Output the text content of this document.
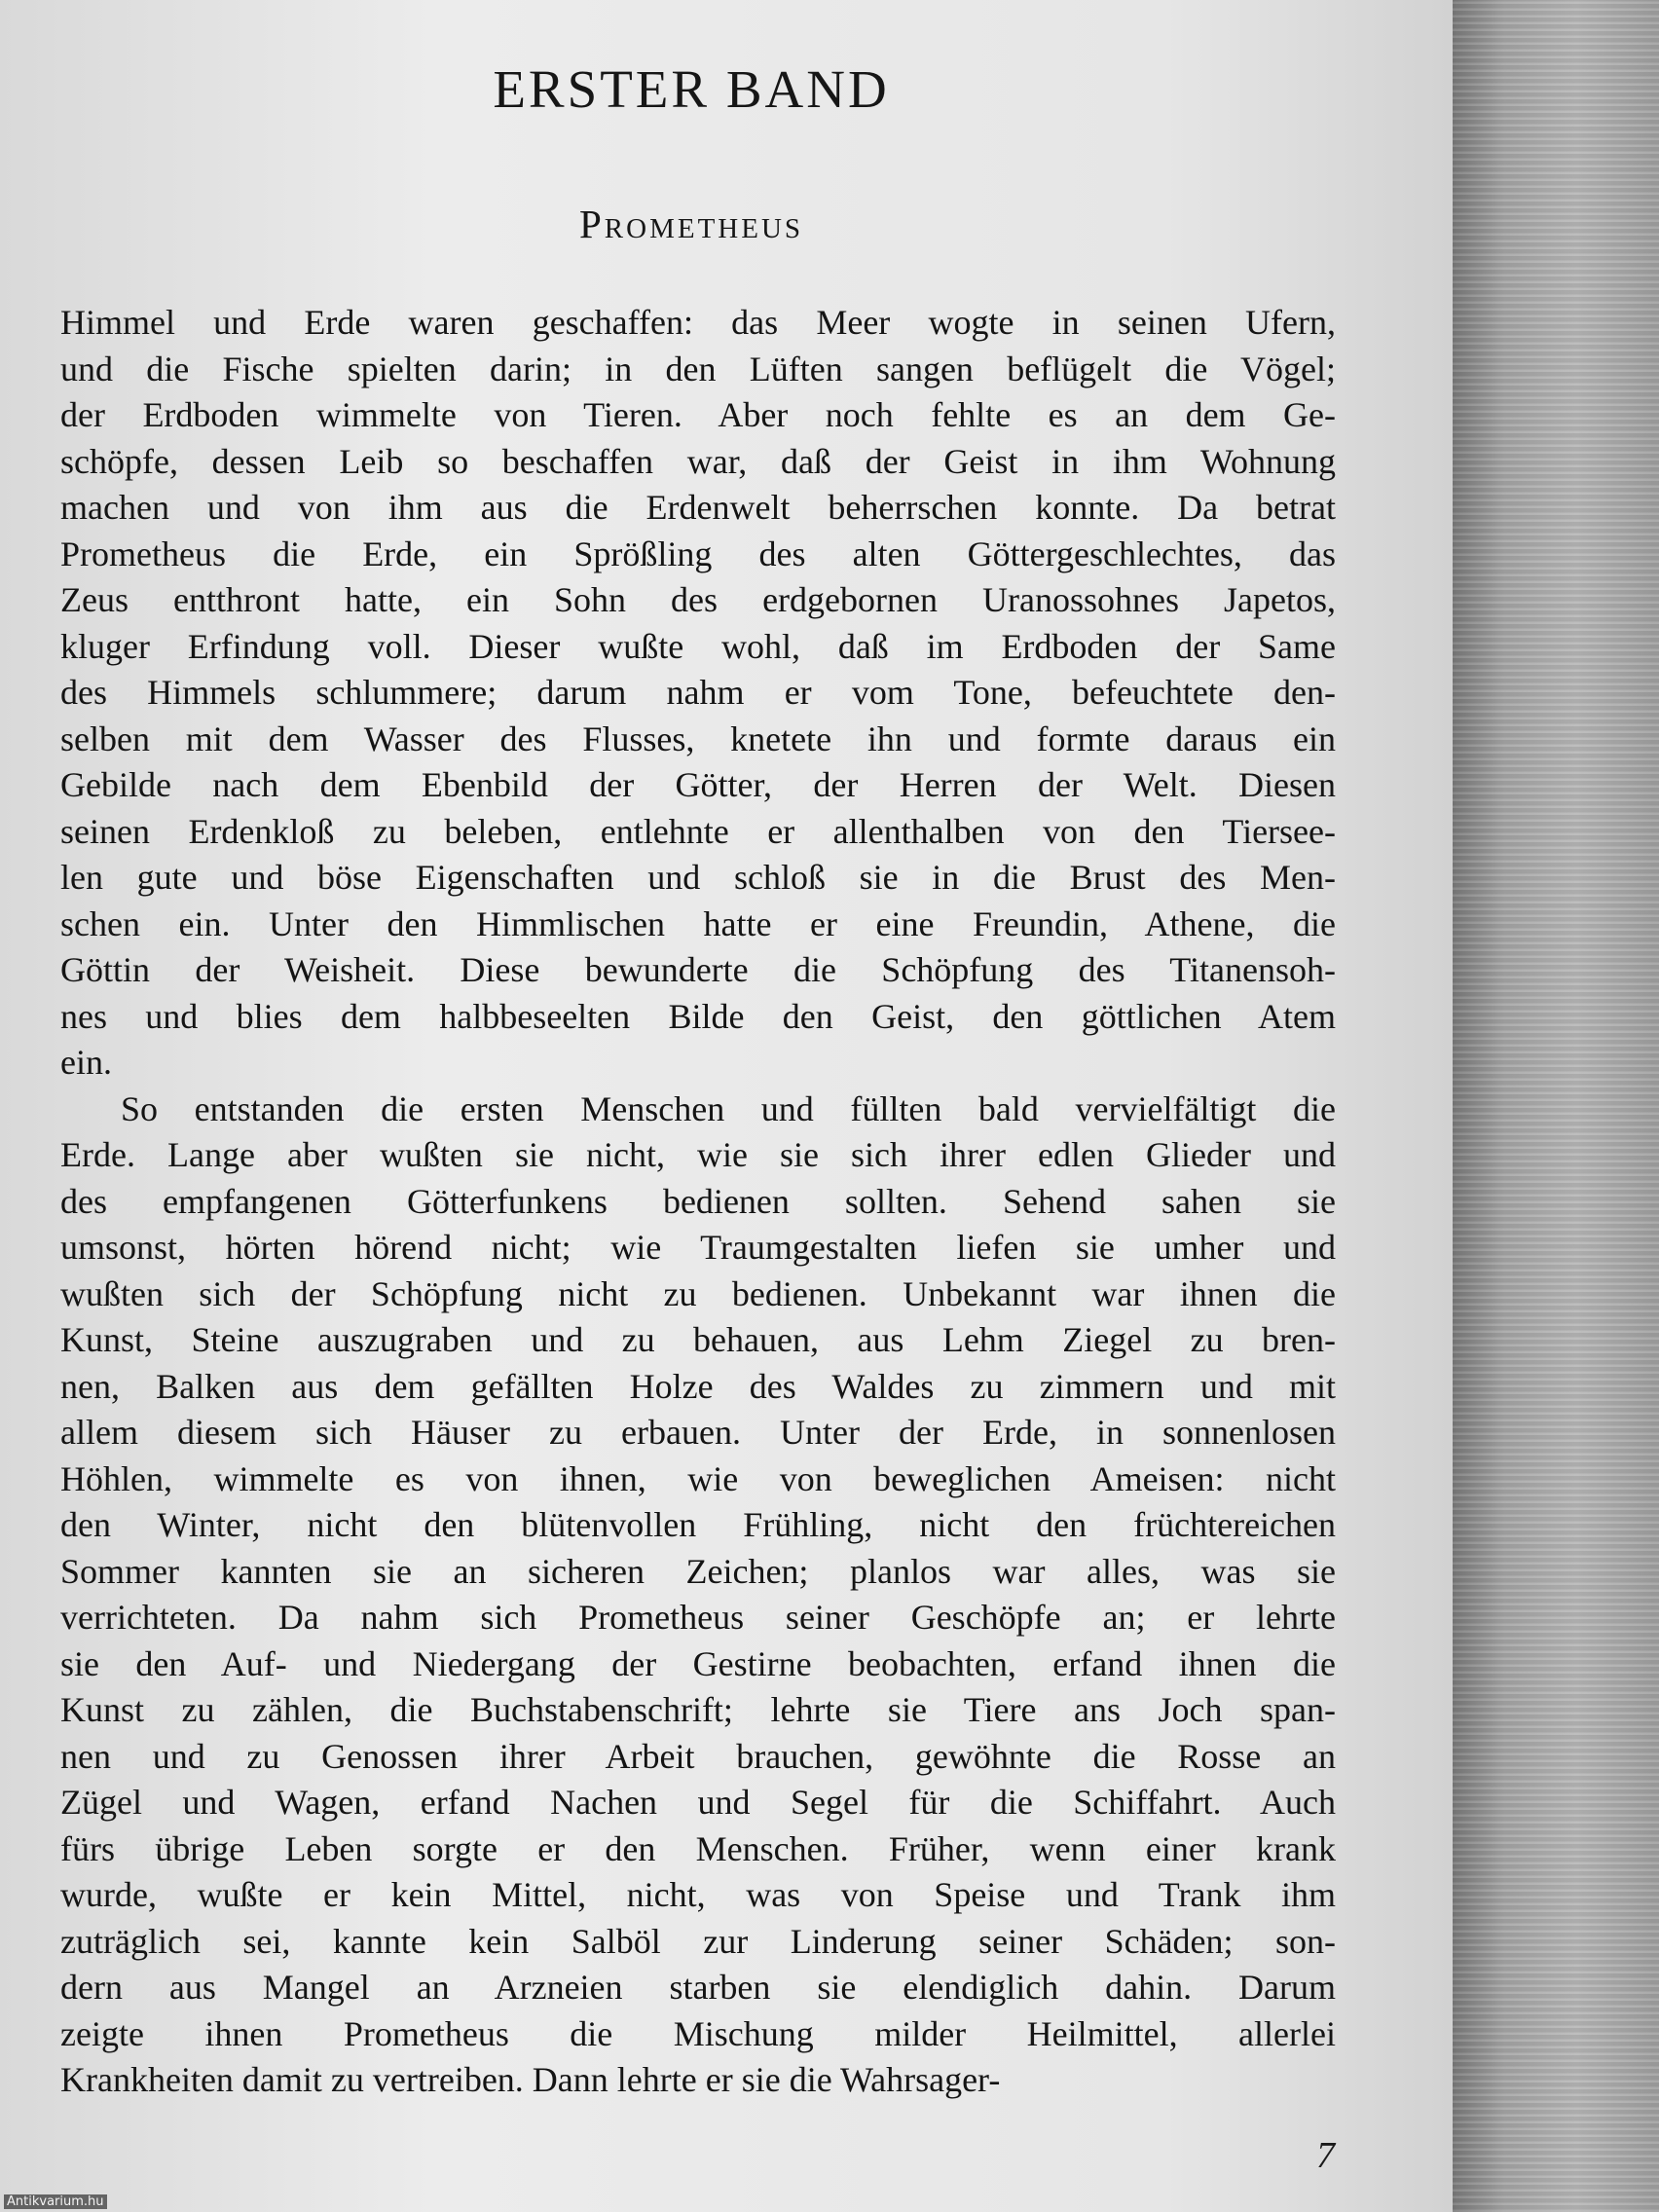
ERSTER BAND
Prometheus
Himmel und Erde waren geschaffen: das Meer wogte in seinen Ufern,
und die Fische spielten darin; in den Lüften sangen beflügelt die Vögel;
der Erdboden wimmelte von Tieren. Aber noch fehlte es an dem Ge-
schöpfe, dessen Leib so beschaffen war, daß der Geist in ihm Wohnung
machen und von ihm aus die Erdenwelt beherrschen konnte. Da betrat
Prometheus die Erde, ein Sprößling des alten Göttergeschlechtes, das
Zeus entthront hatte, ein Sohn des erdgebornen Uranossohnes Japetos,
kluger Erfindung voll. Dieser wußte wohl, daß im Erdboden der Same
des Himmels schlummere; darum nahm er vom Tone, befeuchtete den-
selben mit dem Wasser des Flusses, knetete ihn und formte daraus ein
Gebilde nach dem Ebenbild der Götter, der Herren der Welt. Diesen
seinen Erdenkloß zu beleben, entlehnte er allenthalben von den Tiersee-
len gute und böse Eigenschaften und schloß sie in die Brust des Men-
schen ein. Unter den Himmlischen hatte er eine Freundin, Athene, die
Göttin der Weisheit. Diese bewunderte die Schöpfung des Titanensoh-
nes und blies dem halbbeseelten Bilde den Geist, den göttlichen Atem
ein.
So entstanden die ersten Menschen und füllten bald vervielfältigt die
Erde. Lange aber wußten sie nicht, wie sie sich ihrer edlen Glieder und
des empfangenen Götterfunkens bedienen sollten. Sehend sahen sie
umsonst, hörten hörend nicht; wie Traumgestalten liefen sie umher und
wußten sich der Schöpfung nicht zu bedienen. Unbekannt war ihnen die
Kunst, Steine auszugraben und zu behauen, aus Lehm Ziegel zu bren-
nen, Balken aus dem gefällten Holze des Waldes zu zimmern und mit
allem diesem sich Häuser zu erbauen. Unter der Erde, in sonnenlosen
Höhlen, wimmelte es von ihnen, wie von beweglichen Ameisen: nicht
den Winter, nicht den blütenvollen Frühling, nicht den früchtereichen
Sommer kannten sie an sicheren Zeichen; planlos war alles, was sie
verrichteten. Da nahm sich Prometheus seiner Geschöpfe an; er lehrte
sie den Auf- und Niedergang der Gestirne beobachten, erfand ihnen die
Kunst zu zählen, die Buchstabenschrift; lehrte sie Tiere ans Joch span-
nen und zu Genossen ihrer Arbeit brauchen, gewöhnte die Rosse an
Zügel und Wagen, erfand Nachen und Segel für die Schiffahrt. Auch
fürs übrige Leben sorgte er den Menschen. Früher, wenn einer krank
wurde, wußte er kein Mittel, nicht, was von Speise und Trank ihm
zuträglich sei, kannte kein Salböl zur Linderung seiner Schäden; son-
dern aus Mangel an Arzneien starben sie elendiglich dahin. Darum
zeigte ihnen Prometheus die Mischung milder Heilmittel, allerlei
Krankheiten damit zu vertreiben. Dann lehrte er sie die Wahrsager-
7
Antikvarium.hu
